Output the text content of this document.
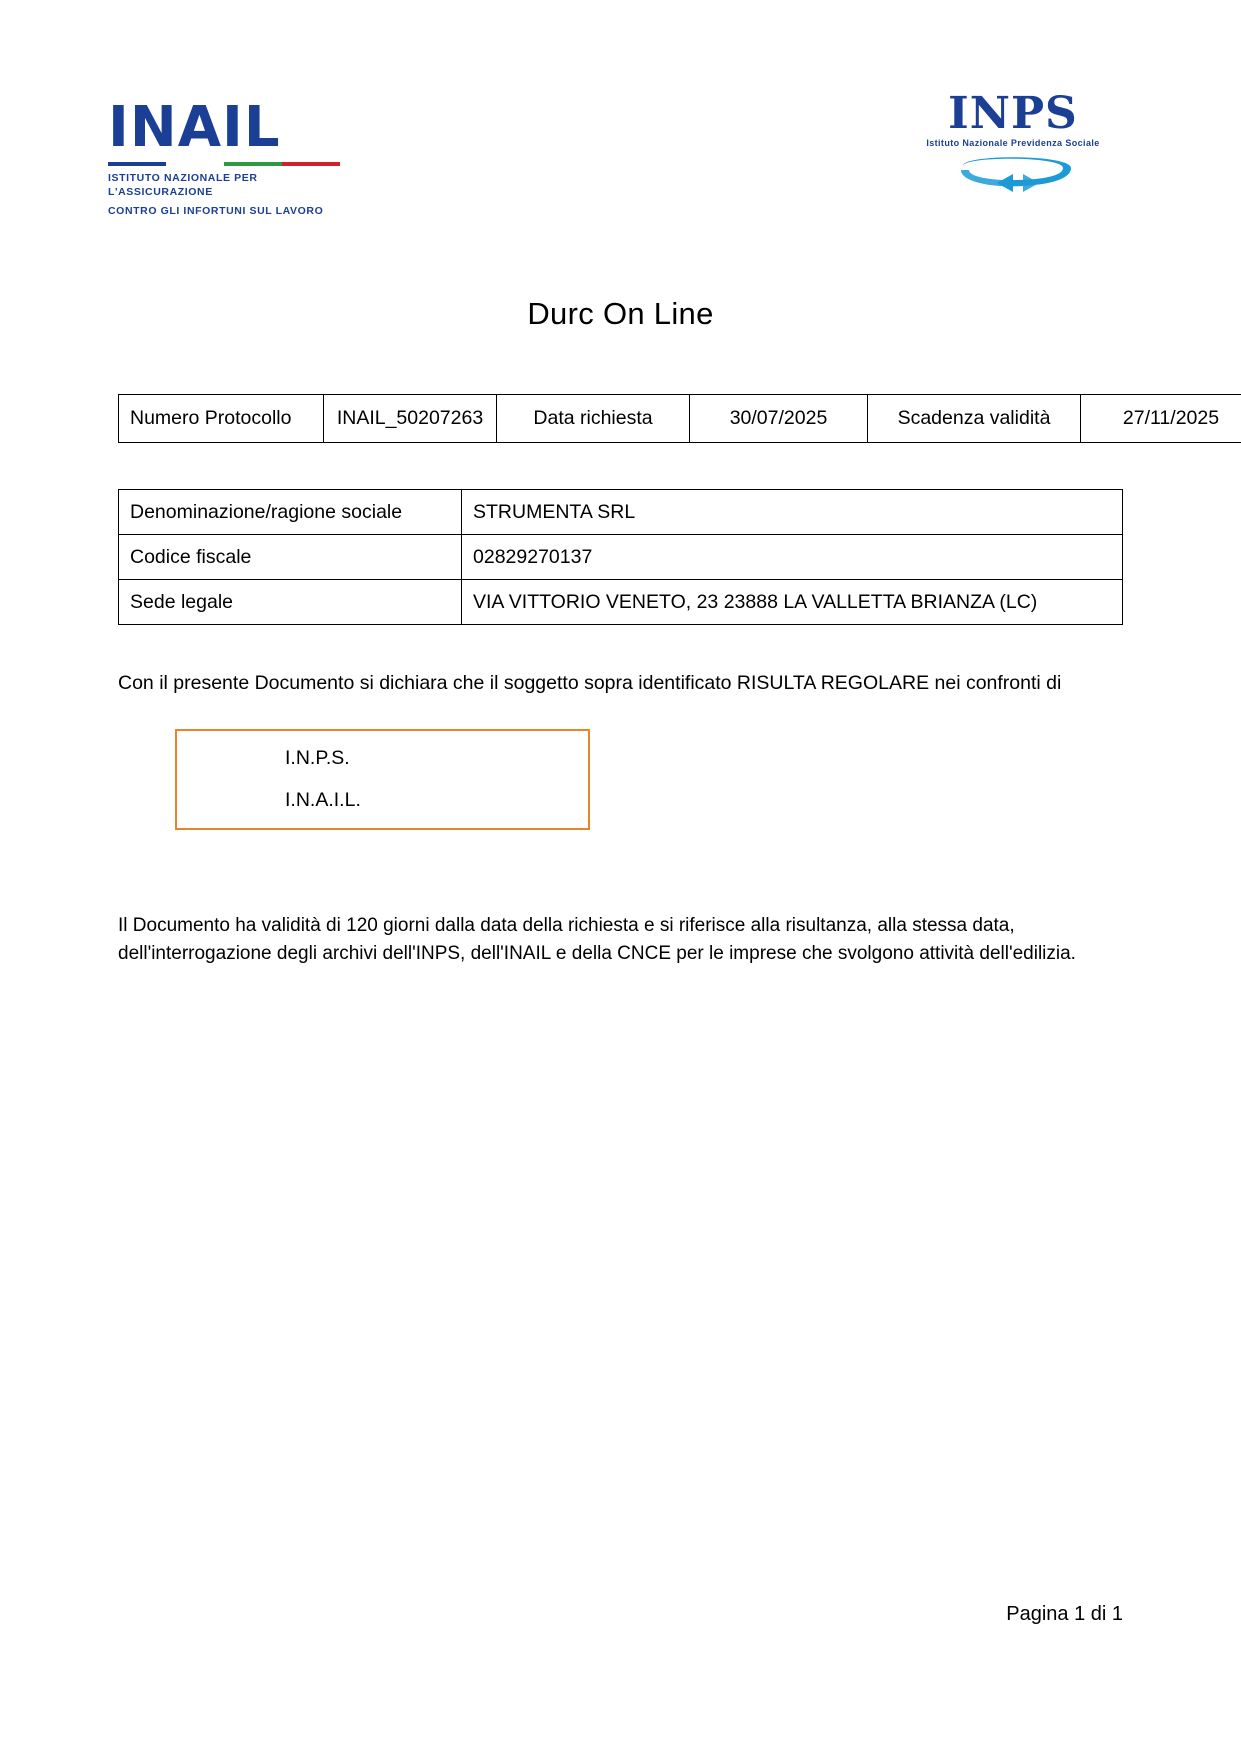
INAIL
ISTITUTO NAZIONALE PER L'ASSICURAZIONE
CONTRO GLI INFORTUNI SUL LAVORO
INPS
Istituto Nazionale Previdenza Sociale
Durc On Line
Numero Protocollo	INAIL_50207263	Data richiesta	30/07/2025	Scadenza validità	27/11/2025
Denominazione/ragione sociale	STRUMENTA SRL
Codice fiscale	02829270137
Sede legale	VIA VITTORIO VENETO, 23 23888 LA VALLETTA BRIANZA (LC)
Con il presente Documento si dichiara che il soggetto sopra identificato RISULTA REGOLARE nei confronti di
I.N.P.S.
I.N.A.I.L.
Il Documento ha validità di 120 giorni dalla data della richiesta e si riferisce alla risultanza, alla stessa data,
dell'interrogazione degli archivi dell'INPS, dell'INAIL e della CNCE per le imprese che svolgono attività dell'edilizia.
Pagina 1 di 1
